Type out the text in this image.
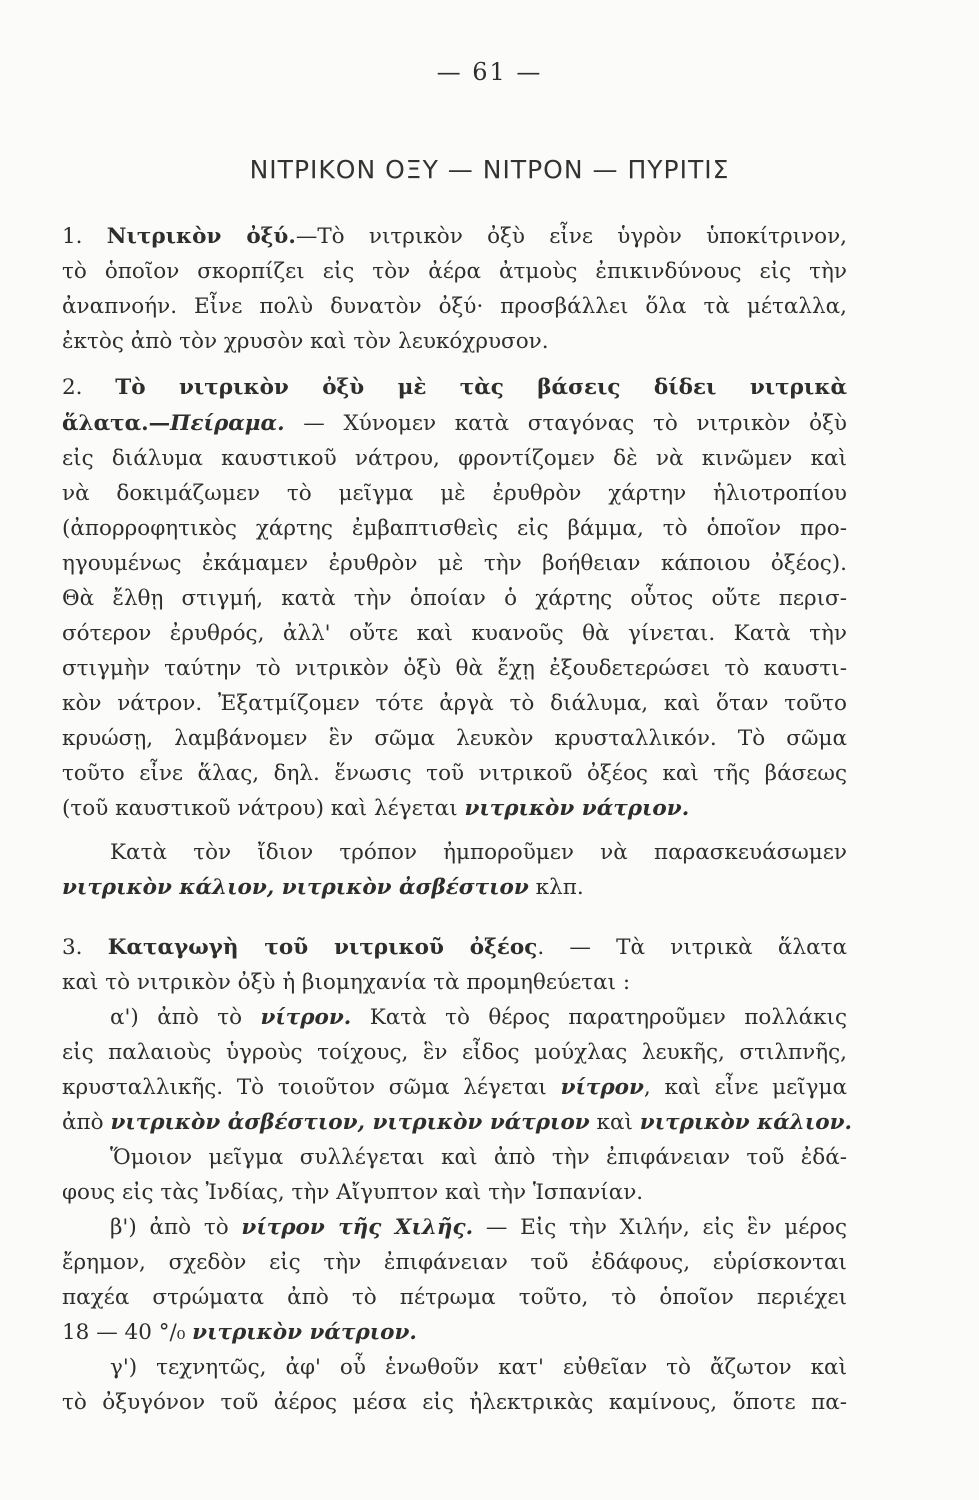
— 61 —
ΝΙΤΡΙΚΟΝ ΟΞΥ — ΝΙΤΡΟΝ — ΠΥΡΙΤΙΣ
1. Νιτρικὸν ὀξύ.—Τὸ νιτρικὸν ὀξὺ εἶνε ὑγρὸν ὑποκίτρινον,
τὸ ὁποῖον σκορπίζει εἰς τὸν ἀέρα ἀτμοὺς ἐπικινδύνους εἰς τὴν
ἀναπνοήν. Εἶνε πολὺ δυνατὸν ὀξύ· προσβάλλει ὅλα τὰ μέταλλα,
ἐκτὸς ἀπὸ τὸν χρυσὸν καὶ τὸν λευκόχρυσον.
2. Τὸ νιτρικὸν ὀξὺ μὲ τὰς βάσεις δίδει νιτρικὰ
ἅλατα.—Πείραμα. — Χύνομεν κατὰ σταγόνας τὸ νιτρικὸν ὀξὺ
εἰς διάλυμα καυστικοῦ νάτρου, φροντίζομεν δὲ νὰ κινῶμεν καὶ
νὰ δοκιμάζωμεν τὸ μεῖγμα μὲ ἐρυθρὸν χάρτην ἡλιοτροπίου
(ἀπορροφητικὸς χάρτης ἐμβαπτισθεὶς εἰς βάμμα, τὸ ὁποῖον προ-
ηγουμένως ἐκάμαμεν ἐρυθρὸν μὲ τὴν βοήθειαν κάποιου ὀξέος).
Θὰ ἔλθῃ στιγμή, κατὰ τὴν ὁποίαν ὁ χάρτης οὗτος οὔτε περισ-
σότερον ἐρυθρός, ἀλλ' οὔτε καὶ κυανοῦς θὰ γίνεται. Κατὰ τὴν
στιγμὴν ταύτην τὸ νιτρικὸν ὀξὺ θὰ ἔχῃ ἐξουδετερώσει τὸ καυστι-
κὸν νάτρον. Ἐξατμίζομεν τότε ἀργὰ τὸ διάλυμα, καὶ ὅταν τοῦτο
κρυώσῃ, λαμβάνομεν ἓν σῶμα λευκὸν κρυσταλλικόν. Τὸ σῶμα
τοῦτο εἶνε ἅλας, δηλ. ἕνωσις τοῦ νιτρικοῦ ὀξέος καὶ τῆς βάσεως
(τοῦ καυστικοῦ νάτρου) καὶ λέγεται νιτρικὸν νάτριον.
Κατὰ τὸν ἴδιον τρόπον ἠμποροῦμεν νὰ παρασκευάσωμεν
νιτρικὸν κάλιον, νιτρικὸν ἀσβέστιον κλπ.
3. Καταγωγὴ τοῦ νιτρικοῦ ὀξέος. — Τὰ νιτρικὰ ἅλατα
καὶ τὸ νιτρικὸν ὀξὺ ἡ βιομηχανία τὰ προμηθεύεται :
α') ἀπὸ τὸ νίτρον. Κατὰ τὸ θέρος παρατηροῦμεν πολλάκις
εἰς παλαιοὺς ὑγροὺς τοίχους, ἓν εἶδος μούχλας λευκῆς, στιλπνῆς,
κρυσταλλικῆς. Τὸ τοιοῦτον σῶμα λέγεται νίτρον, καὶ εἶνε μεῖγμα
ἀπὸ νιτρικὸν ἀσβέστιον, νιτρικὸν νάτριον καὶ νιτρικὸν κάλιον.
Ὅμοιον μεῖγμα συλλέγεται καὶ ἀπὸ τὴν ἐπιφάνειαν τοῦ ἐδά-
φους εἰς τὰς Ἰνδίας, τὴν Αἴγυπτον καὶ τὴν Ἱσπανίαν.
β') ἀπὸ τὸ νίτρον τῆς Χιλῆς. — Εἰς τὴν Χιλήν, εἰς ἓν μέρος
ἔρημον, σχεδὸν εἰς τὴν ἐπιφάνειαν τοῦ ἐδάφους, εὑρίσκονται
παχέα στρώματα ἀπὸ τὸ πέτρωμα τοῦτο, τὸ ὁποῖον περιέχει
18 — 40 °/₀ νιτρικὸν νάτριον.
γ') τεχνητῶς, ἀφ' οὗ ἑνωθοῦν κατ' εὐθεῖαν τὸ ἄζωτον καὶ
τὸ ὀξυγόνον τοῦ ἀέρος μέσα εἰς ἠλεκτρικὰς καμίνους, ὅποτε πα-
